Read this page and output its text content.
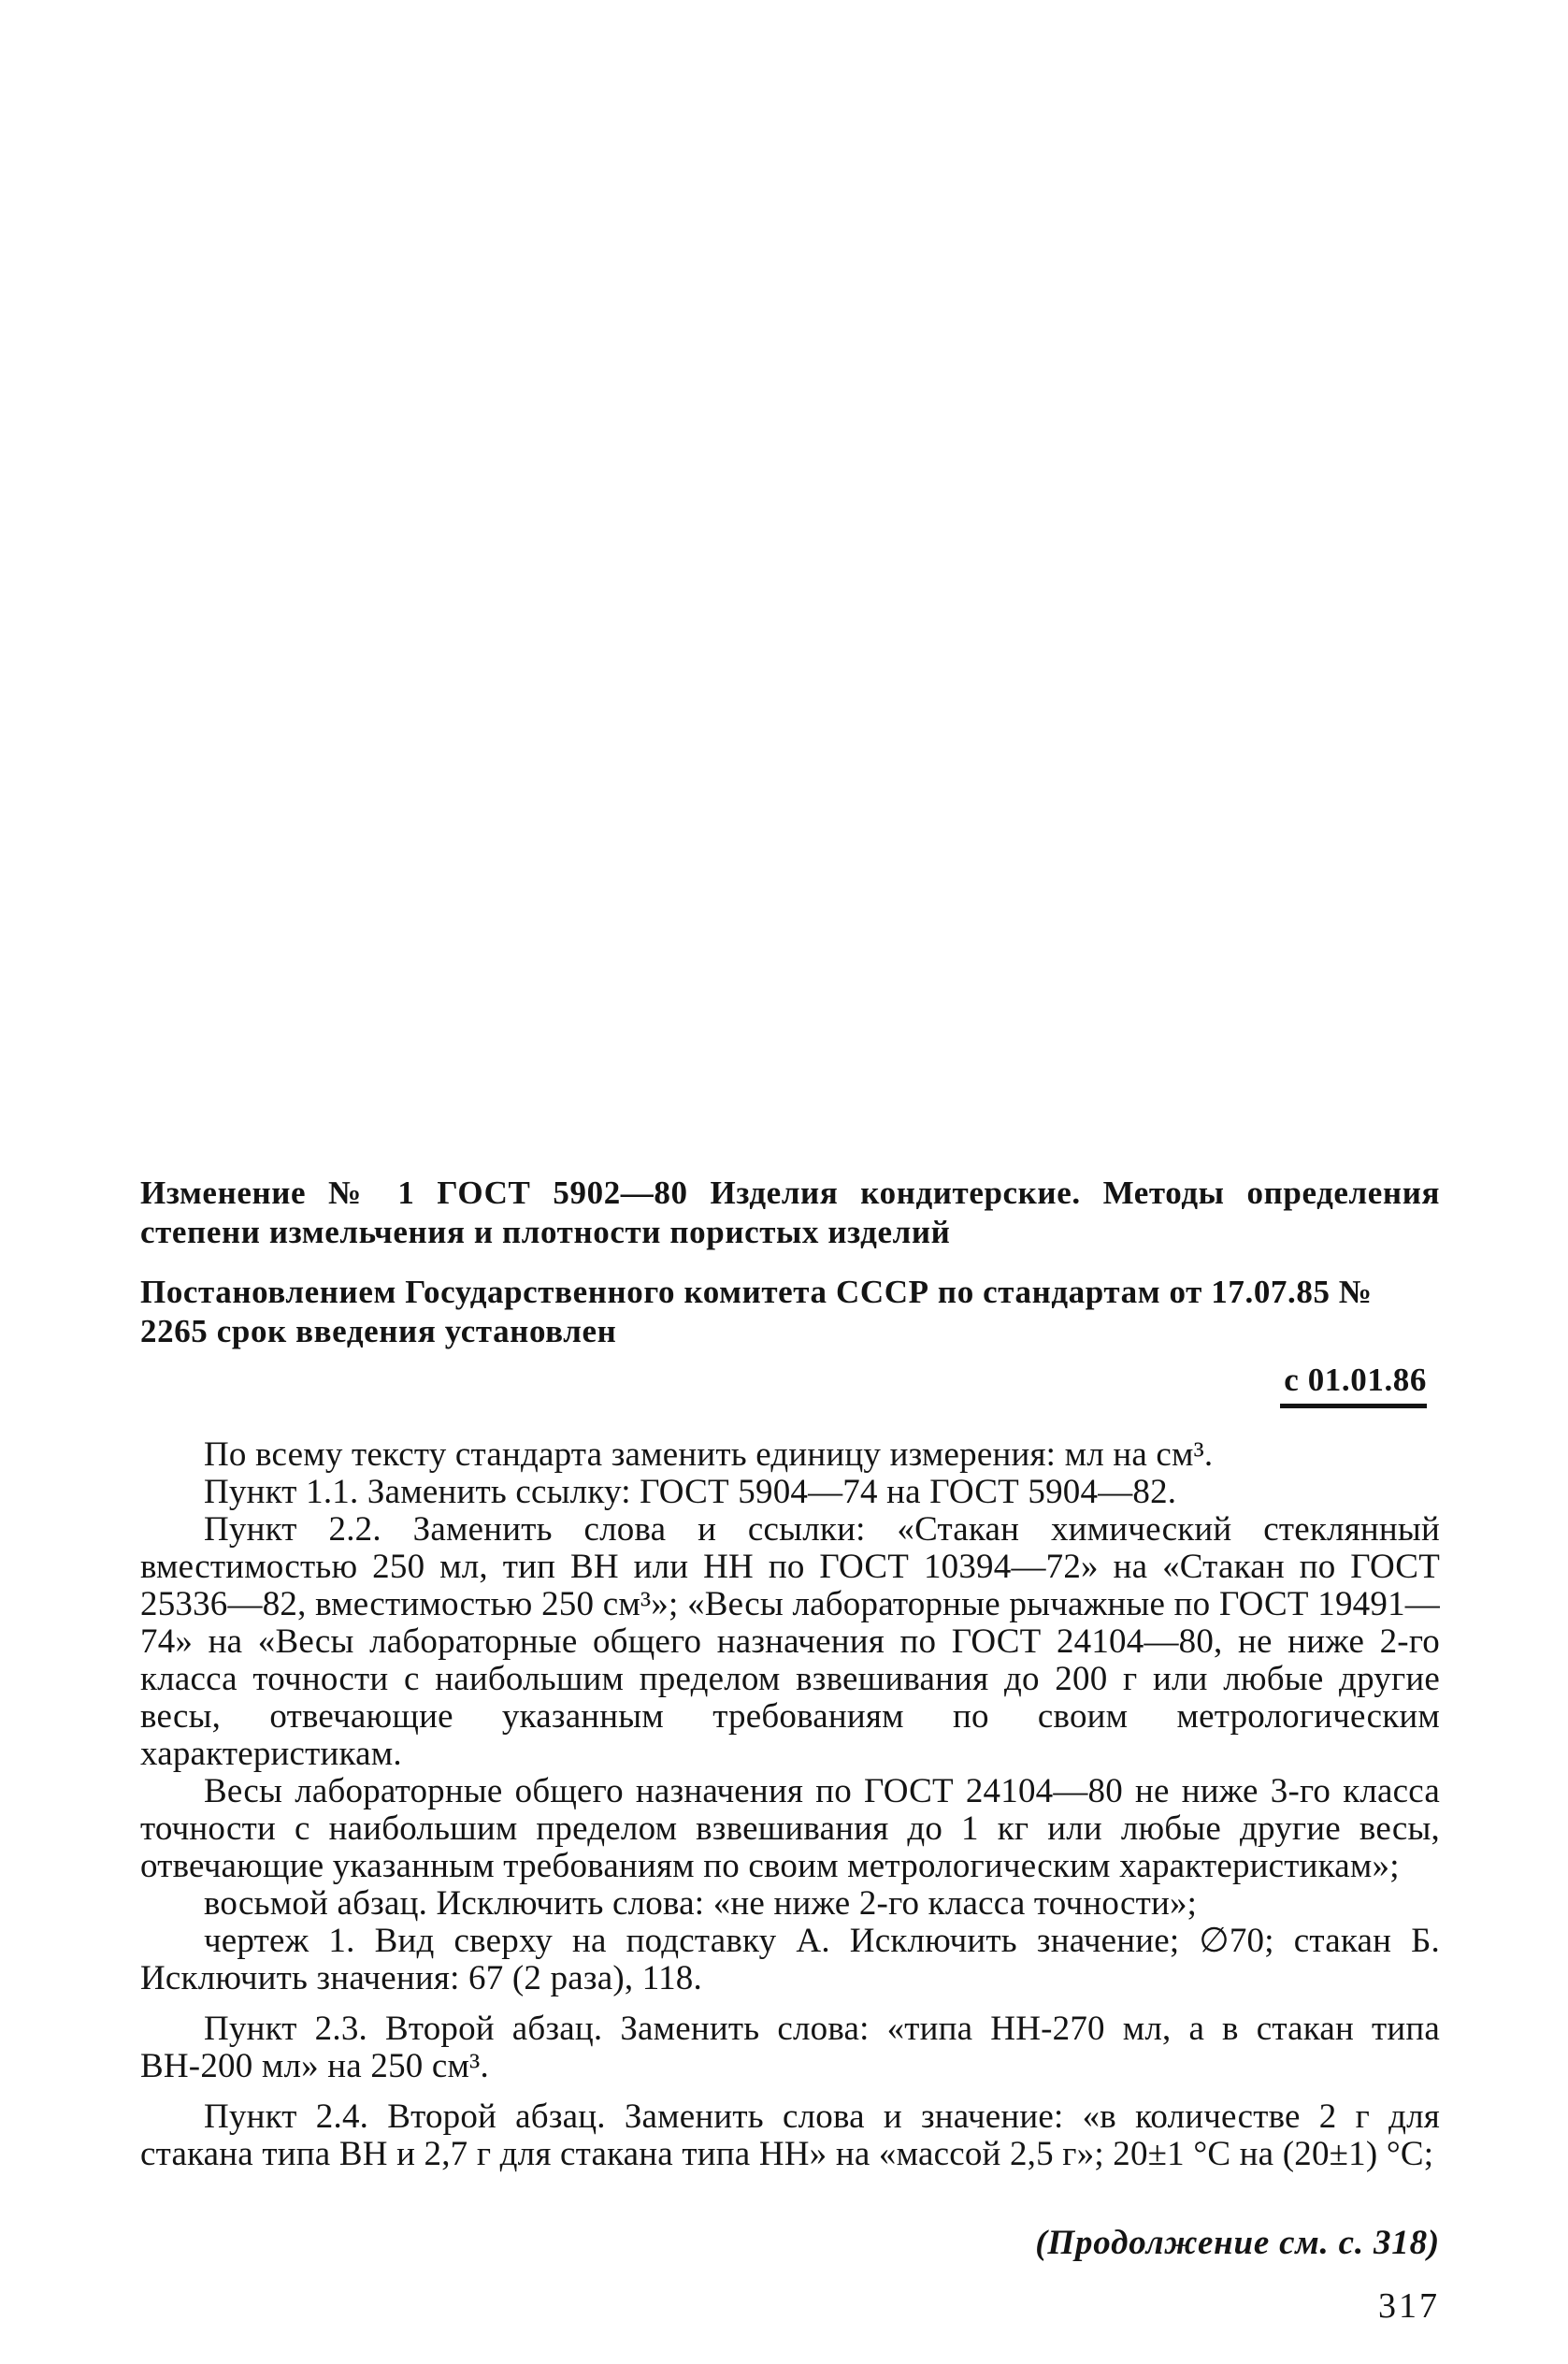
Изменение № 1 ГОСТ 5902—80 Изделия кондитерские. Методы определения степени измельчения и плотности пористых изделий

Постановлением Государственного комитета СССР по стандартам от 17.07.85 № 2265 срок введения установлен

с 01.01.86

По всему тексту стандарта заменить единицу измерения: мл на см³.

Пункт 1.1. Заменить ссылку: ГОСТ 5904—74 на ГОСТ 5904—82.

Пункт 2.2. Заменить слова и ссылки: «Стакан химический стеклянный вместимостью 250 мл, тип ВН или НН по ГОСТ 10394—72» на «Стакан по ГОСТ 25336—82, вместимостью 250 см³»; «Весы лабораторные рычажные по ГОСТ 19491—74» на «Весы лабораторные общего назначения по ГОСТ 24104—80, не ниже 2-го класса точности с наибольшим пределом взвешивания до 200 г или любые другие весы, отвечающие указанным требованиям по своим метрологическим характеристикам.

Весы лабораторные общего назначения по ГОСТ 24104—80 не ниже 3-го класса точности с наибольшим пределом взвешивания до 1 кг или любые другие весы, отвечающие указанным требованиям по своим метрологическим характеристикам»;

восьмой абзац. Исключить слова: «не ниже 2-го класса точности»;

чертеж 1. Вид сверху на подставку А. Исключить значение; ∅70; стакан Б. Исключить значения: 67 (2 раза), 118.

Пункт 2.3. Второй абзац. Заменить слова: «типа НН-270 мл, а в стакан типа ВН-200 мл» на 250 см³.

Пункт 2.4. Второй абзац. Заменить слова и значение: «в количестве 2 г для стакана типа ВН и 2,7 г для стакана типа НН» на «массой 2,5 г»; 20±1 °С на (20±1) °С;

(Продолжение см. с. 318)
317
